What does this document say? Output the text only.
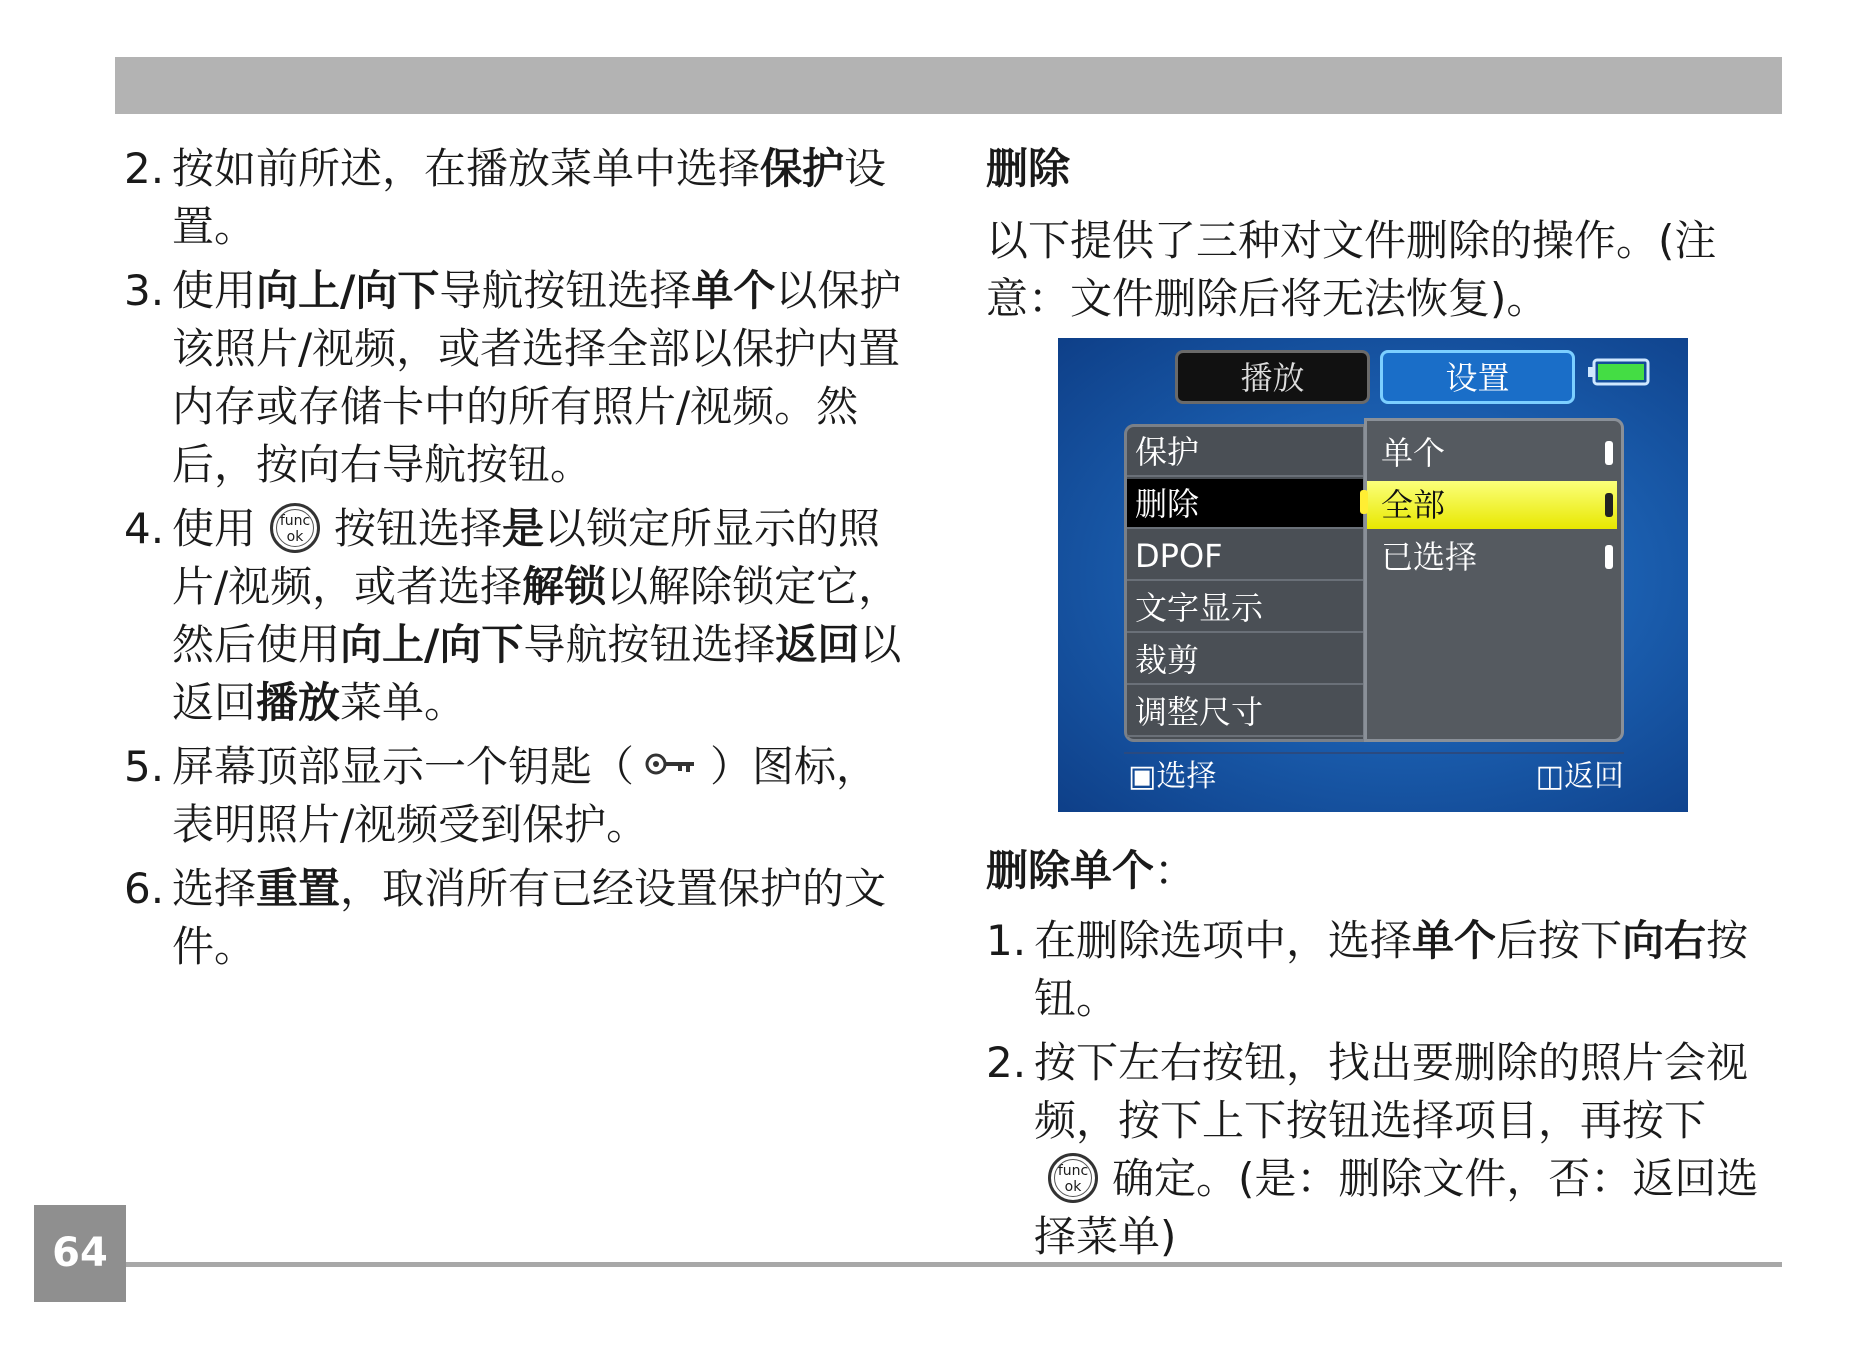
2. 按如前所述，在播放菜单中选择保护设置。
3. 使用向上/向下导航按钮选择单个以保护该照片/视频，或者选择全部以保护内置内存或存储卡中的所有照片/视频。然后，按向右导航按钮。
4. 使用	func
ok 按钮选择是以锁定所显示的照片/视频，或者选择解锁以解除锁定它，然后使用向上/向下导航按钮选择返回以返回播放菜单。
5. 屏幕顶部显示一个钥匙（ ）图标，表明照片/视频受到保护。
6. 选择重置，取消所有已经设置保护的文件。
删除
以下提供了三种对文件删除的操作。(注意：文件删除后将无法恢复)。
删除单个：
1. 在删除选项中，选择单个后按下向右按钮。
2. 按下左右按钮，找出要删除的照片会视频，按下上下按钮选择项目，再按下
func
ok 确定。(是：删除文件，否：返回选择菜单)
播放	设置
保护
删除
DPOF
文字显示
裁剪
调整尺寸
单个
全部
已选择
▣选择	◫返回
64
